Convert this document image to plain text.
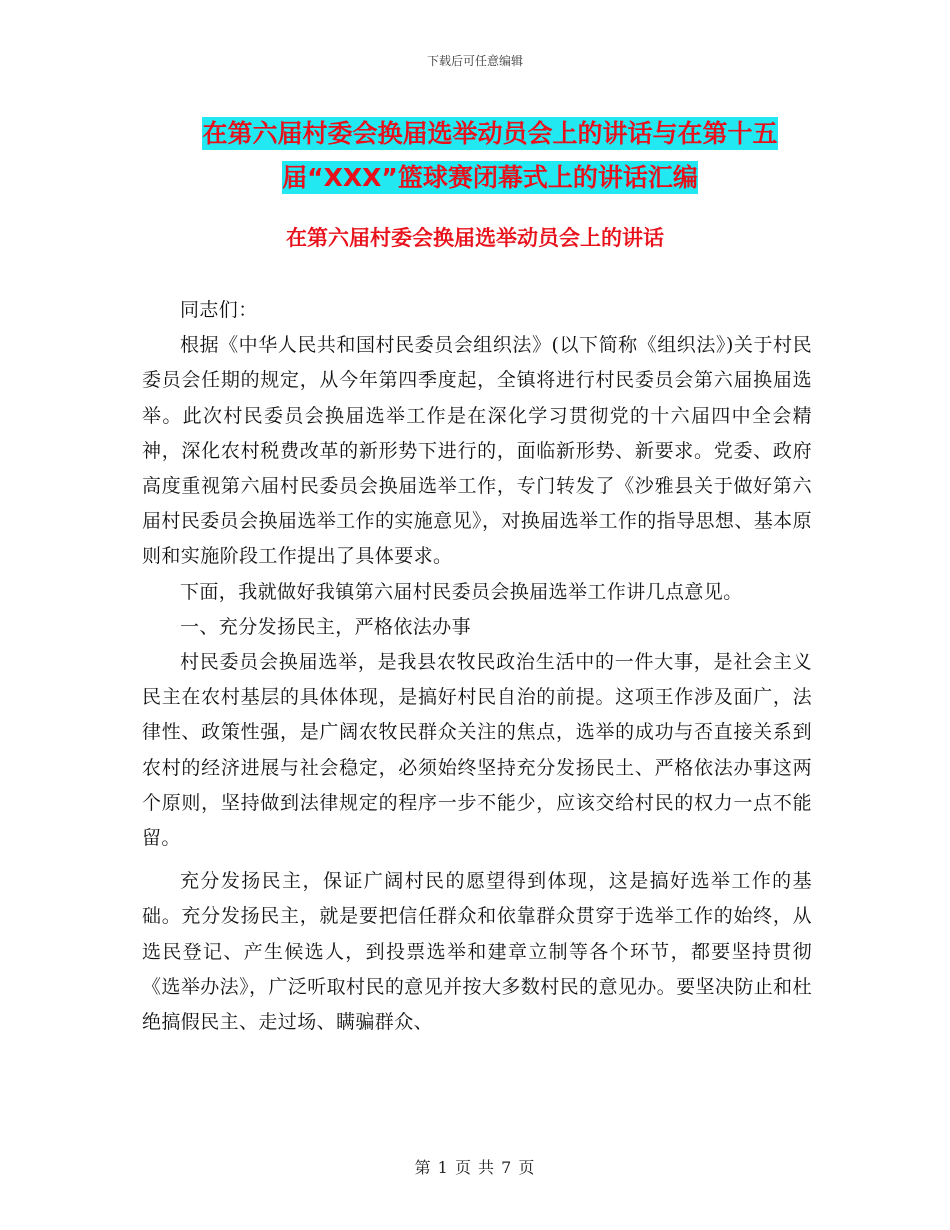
下载后可任意编辑
在第六届村委会换届选举动员会上的讲话与在第十五
届“XXX”篮球赛闭幕式上的讲话汇编
在第六届村委会换届选举动员会上的讲话

同志们：

根据《中华人民共和国村民委员会组织法》(以下简称《组织法》)关于村民委员会任期的规定，从今年第四季度起，全镇将进行村民委员会第六届换届选举。此次村民委员会换届选举工作是在深化学习贯彻党的十六届四中全会精神，深化农村税费改革的新形势下进行的，面临新形势、新要求。党委、政府高度重视第六届村民委员会换届选举工作，专门转发了《沙雅县关于做好第六届村民委员会换届选举工作的实施意见》，对换届选举工作的指导思想、基本原则和实施阶段工作提出了具体要求。

下面，我就做好我镇第六届村民委员会换届选举工作讲几点意见。

一、充分发扬民主，严格依法办事

村民委员会换届选举，是我县农牧民政治生活中的一件大事，是社会主义民主在农村基层的具体体现，是搞好村民自治的前提。这项王作涉及面广，法律性、政策性强，是广阔农牧民群众关注的焦点，选举的成功与否直接关系到农村的经济进展与社会稳定，必须始终坚持充分发扬民土、严格依法办事这两个原则，坚持做到法律规定的程序一步不能少，应该交给村民的权力一点不能留。

充分发扬民主，保证广阔村民的愿望得到体现，这是搞好选举工作的基础。充分发扬民主，就是要把信任群众和依靠群众贯穿于选举工作的始终，从选民登记、产生候选人，到投票选举和建章立制等各个环节，都要坚持贯彻《选举办法》，广泛听取村民的意见并按大多数村民的意见办。要坚决防止和杜绝搞假民主、走过场、瞒骗群众、

第 1 页 共 7 页
